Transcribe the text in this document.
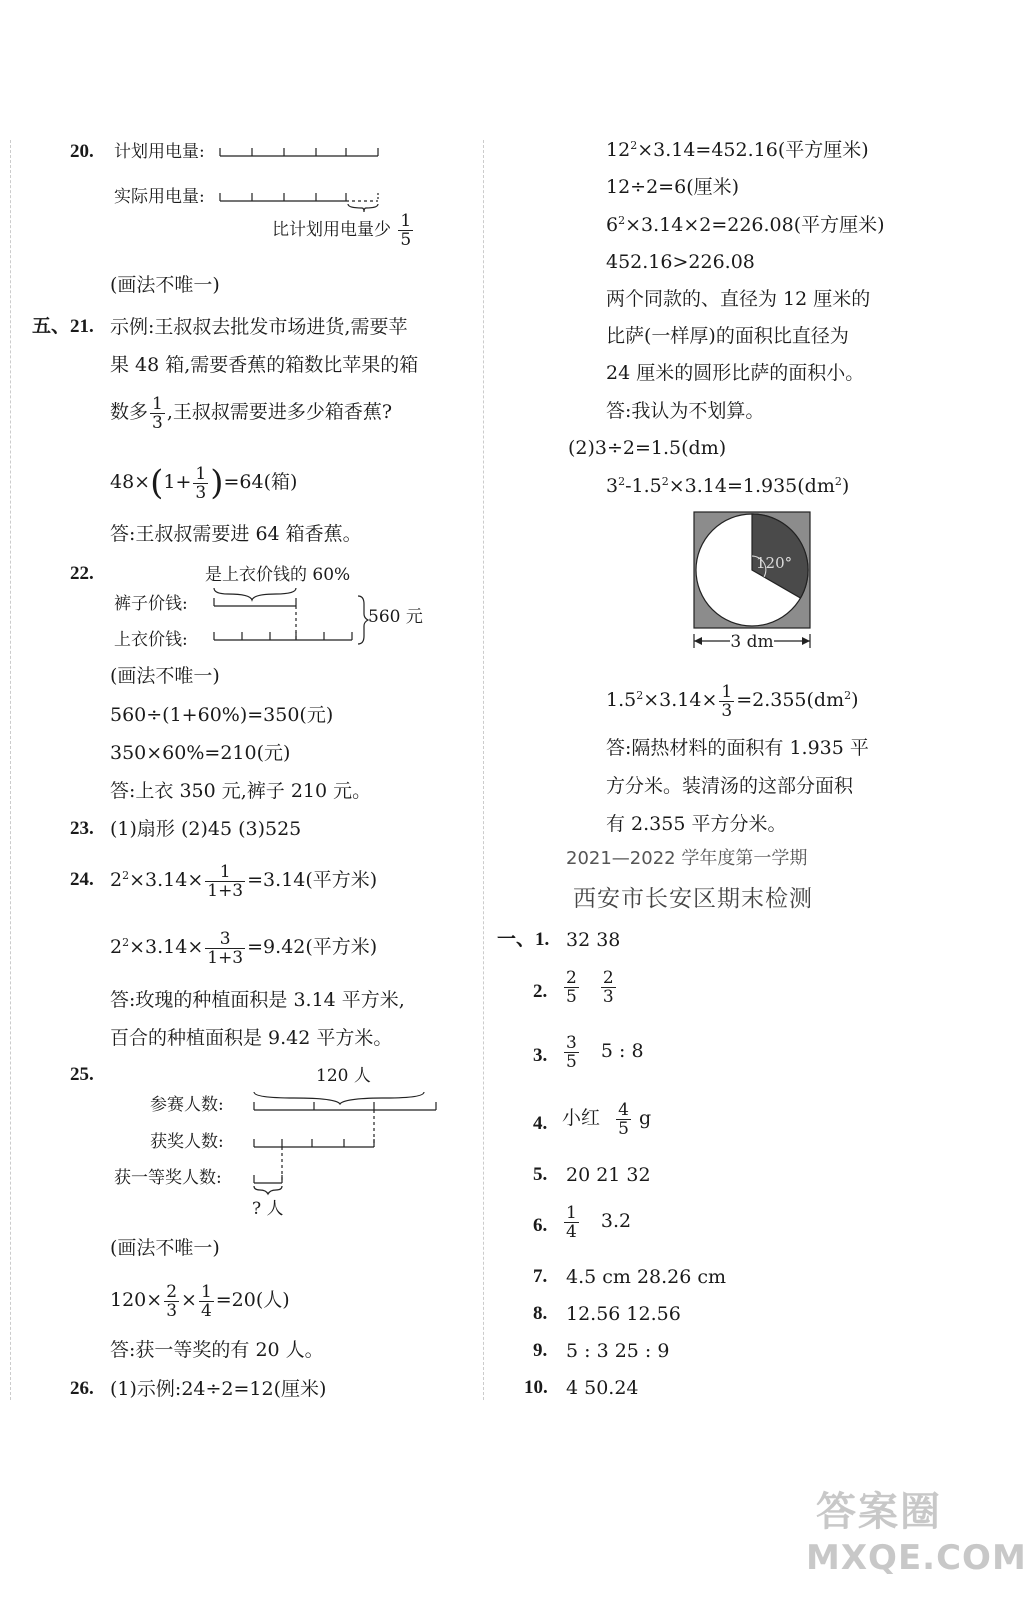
20. 计划用电量:
实际用电量:
比计划用电量少 $\frac{1}{5}$
(画法不唯一)
五、21. 示例:王叔叔去批发市场进货,需要苹
果 48 箱,需要香蕉的箱数比苹果的箱
数多 $\frac{1}{3}$ ,王叔叔需要进多少箱香蕉?
$48\times(1+ \frac{1}{3} )=64$(箱)
答:王叔叔需要进 64 箱香蕉。
22.	是上衣价钱的 60%
裤子价钱:
上衣价钱:
560 元
(画法不唯一)
560÷(1+60%)=350(元)
350×60%=210(元)
答:上衣 350 元,裤子 210 元。
23. (1)扇形 (2)45 (3)525
24. $2^2\times 3.14\times \frac{1}{1+3} =3.14$(平方米)
$2^2\times 3.14\times \frac{3}{1+3} =9.42$(平方米)
答:玫瑰的种植面积是 3.14 平方米,
百合的种植面积是 9.42 平方米。
25.	120 人
参赛人数:
获奖人数:
获一等奖人数:
? 人
(画法不唯一)
$120\times \frac{2}{3} \times \frac{1}{4} =20$(人)
答:获一等奖的有 20 人。
26. (1)示例:24÷2=12(厘米)
$12^2\times 3.14=452.16$(平方厘米)
12÷2=6(厘米)
$6^2\times 3.14\times 2=226.08$(平方厘米)
452.16>226.08
两个同款的、直径为 12 厘米的
比萨(一样厚)的面积比直径为
24 厘米的圆形比萨的面积小。
答:我认为不划算。
(2)3÷2=1.5(dm)
$3^2-1.5^2\times 3.14=1.935(dm^2)$
120°
3 dm
$1.5^2\times 3.14\times \frac{1}{3} =2.355(dm^2)$
答:隔热材料的面积有 1.935 平
方分米。装清汤的这部分面积
有 2.355 平方分米。
2021—2022 学年度第一学期
西安市长安区期末检测
一、1. 32 38
2. $\frac{2}{5}$
$\frac{2}{3}$
3. $\frac{3}{5} 5$ : 8
4. 小红 $\frac{4}{5}$ g
5. 20 21 32
6. $\frac{1}{4} 3.2$
7. 4.5 cm 28.26 cm
8. 12.56 12.56
9. 5 : 3 25 : 9
10. 4 50.24
答案圈
MXQE.COM
